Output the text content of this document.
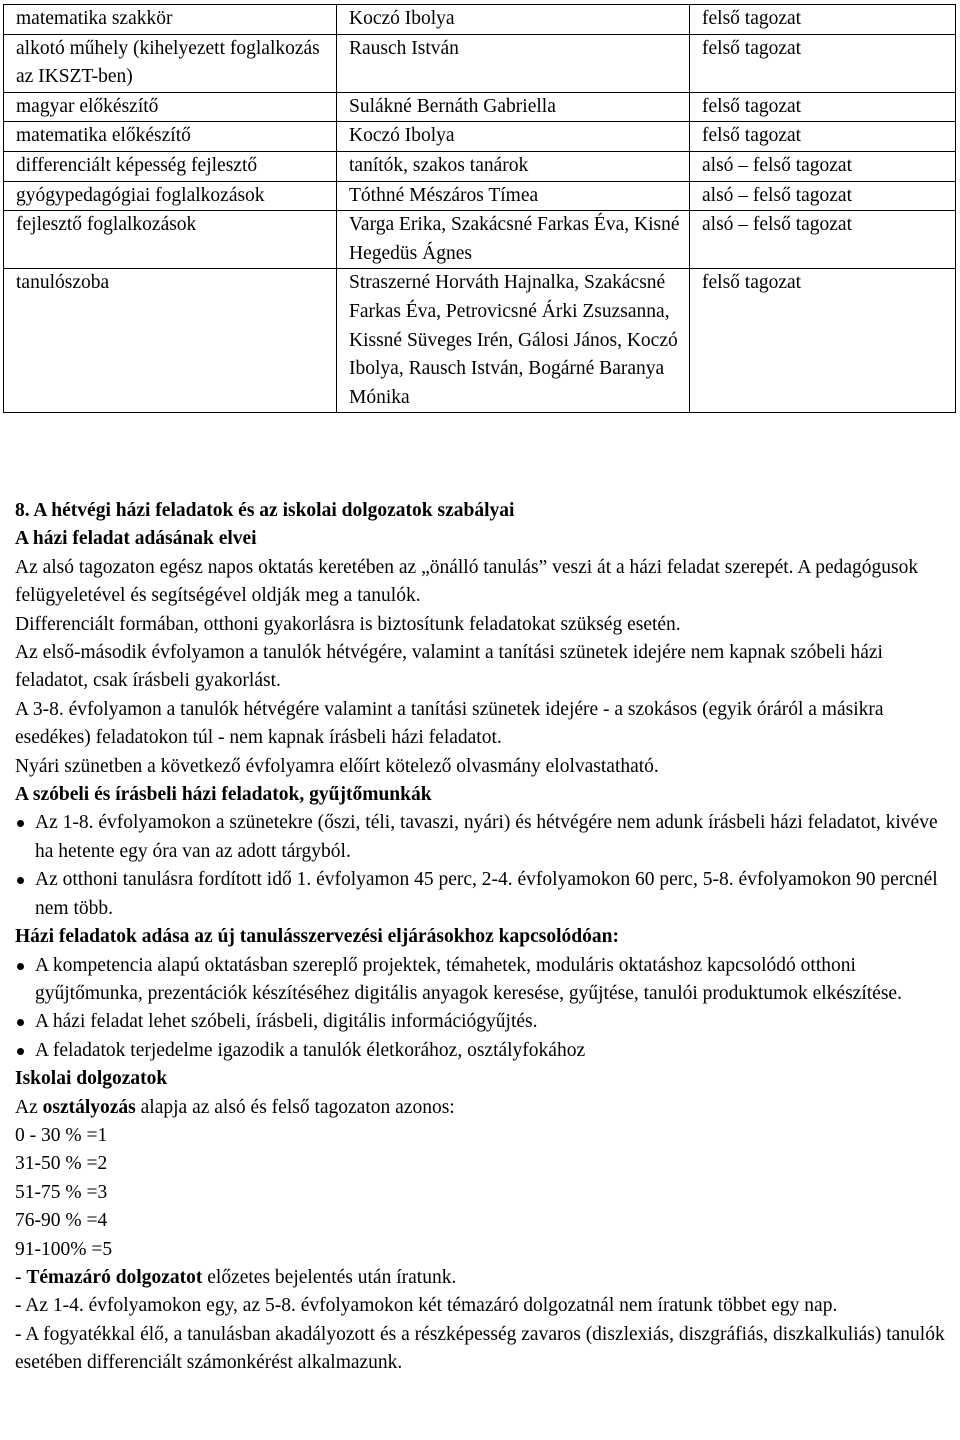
matematika szakkör	Koczó Ibolya	felső tagozat
alkotó műhely (kihelyezett foglalkozás az IKSZT-ben)	Rausch István	felső tagozat
magyar előkészítő	Sulákné Bernáth Gabriella	felső tagozat
matematika előkészítő	Koczó Ibolya	felső tagozat
differenciált képesség fejlesztő	tanítók, szakos tanárok	alsó – felső tagozat
gyógypedagógiai foglalkozások	Tóthné Mészáros Tímea	alsó – felső tagozat
fejlesztő foglalkozások	Varga Erika, Szakácsné Farkas Éva, Kisné Hegedüs Ágnes	alsó – felső tagozat
tanulószoba	Straszerné Horváth Hajnalka, Szakácsné Farkas Éva, Petrovicsné Árki Zsuzsanna, Kissné Süveges Irén, Gálosi János, Koczó Ibolya, Rausch István, Bogárné Baranya Mónika	felső tagozat

8. A hétvégi házi feladatok és az iskolai dolgozatok szabályai

A házi feladat adásának elvei

Az alsó tagozaton egész napos oktatás keretében az „önálló tanulás” veszi át a házi feladat szerepét. A pedagógusok felügyeletével és segítségével oldják meg a tanulók.

Differenciált formában, otthoni gyakorlásra is biztosítunk feladatokat szükség esetén.

Az első-második évfolyamon a tanulók hétvégére, valamint a tanítási szünetek idejére nem kapnak szóbeli házi feladatot, csak írásbeli gyakorlást.

A 3-8. évfolyamon a tanulók hétvégére valamint a tanítási szünetek idejére - a szokásos (egyik óráról a másikra esedékes) feladatokon túl - nem kapnak írásbeli házi feladatot.

Nyári szünetben a következő évfolyamra előírt kötelező olvasmány elolvastatható.

A szóbeli és írásbeli házi feladatok, gyűjtőmunkák

Az 1-8. évfolyamokon a szünetekre (őszi, téli, tavaszi, nyári) és hétvégére nem adunk írásbeli házi feladatot, kivéve ha hetente egy óra van az adott tárgyból.

Az otthoni tanulásra fordított idő 1. évfolyamon 45 perc, 2-4. évfolyamokon 60 perc, 5-8. évfolyamokon 90 percnél nem több.

Házi feladatok adása az új tanulásszervezési eljárásokhoz kapcsolódóan:

A kompetencia alapú oktatásban szereplő projektek, témahetek, moduláris oktatáshoz kapcsolódó otthoni gyűjtőmunka, prezentációk készítéséhez digitális anyagok keresése, gyűjtése, tanulói produktumok elkészítése.

A házi feladat lehet szóbeli, írásbeli, digitális információgyűjtés.

A feladatok terjedelme igazodik a tanulók életkorához, osztályfokához

Iskolai dolgozatok

Az osztályozás alapja az alsó és felső tagozaton azonos:

0 - 30 % =1

31-50 % =2

51-75 % =3

76-90 % =4

91-100% =5

- Témazáró dolgozatot előzetes bejelentés után íratunk.

- Az 1-4. évfolyamokon egy, az 5-8. évfolyamokon két témazáró dolgozatnál nem íratunk többet egy nap.

- A fogyatékkal élő, a tanulásban akadályozott és a részképesség zavaros (diszlexiás, diszgráfiás, diszkalkuliás) tanulók esetében differenciált számonkérést alkalmazunk.
